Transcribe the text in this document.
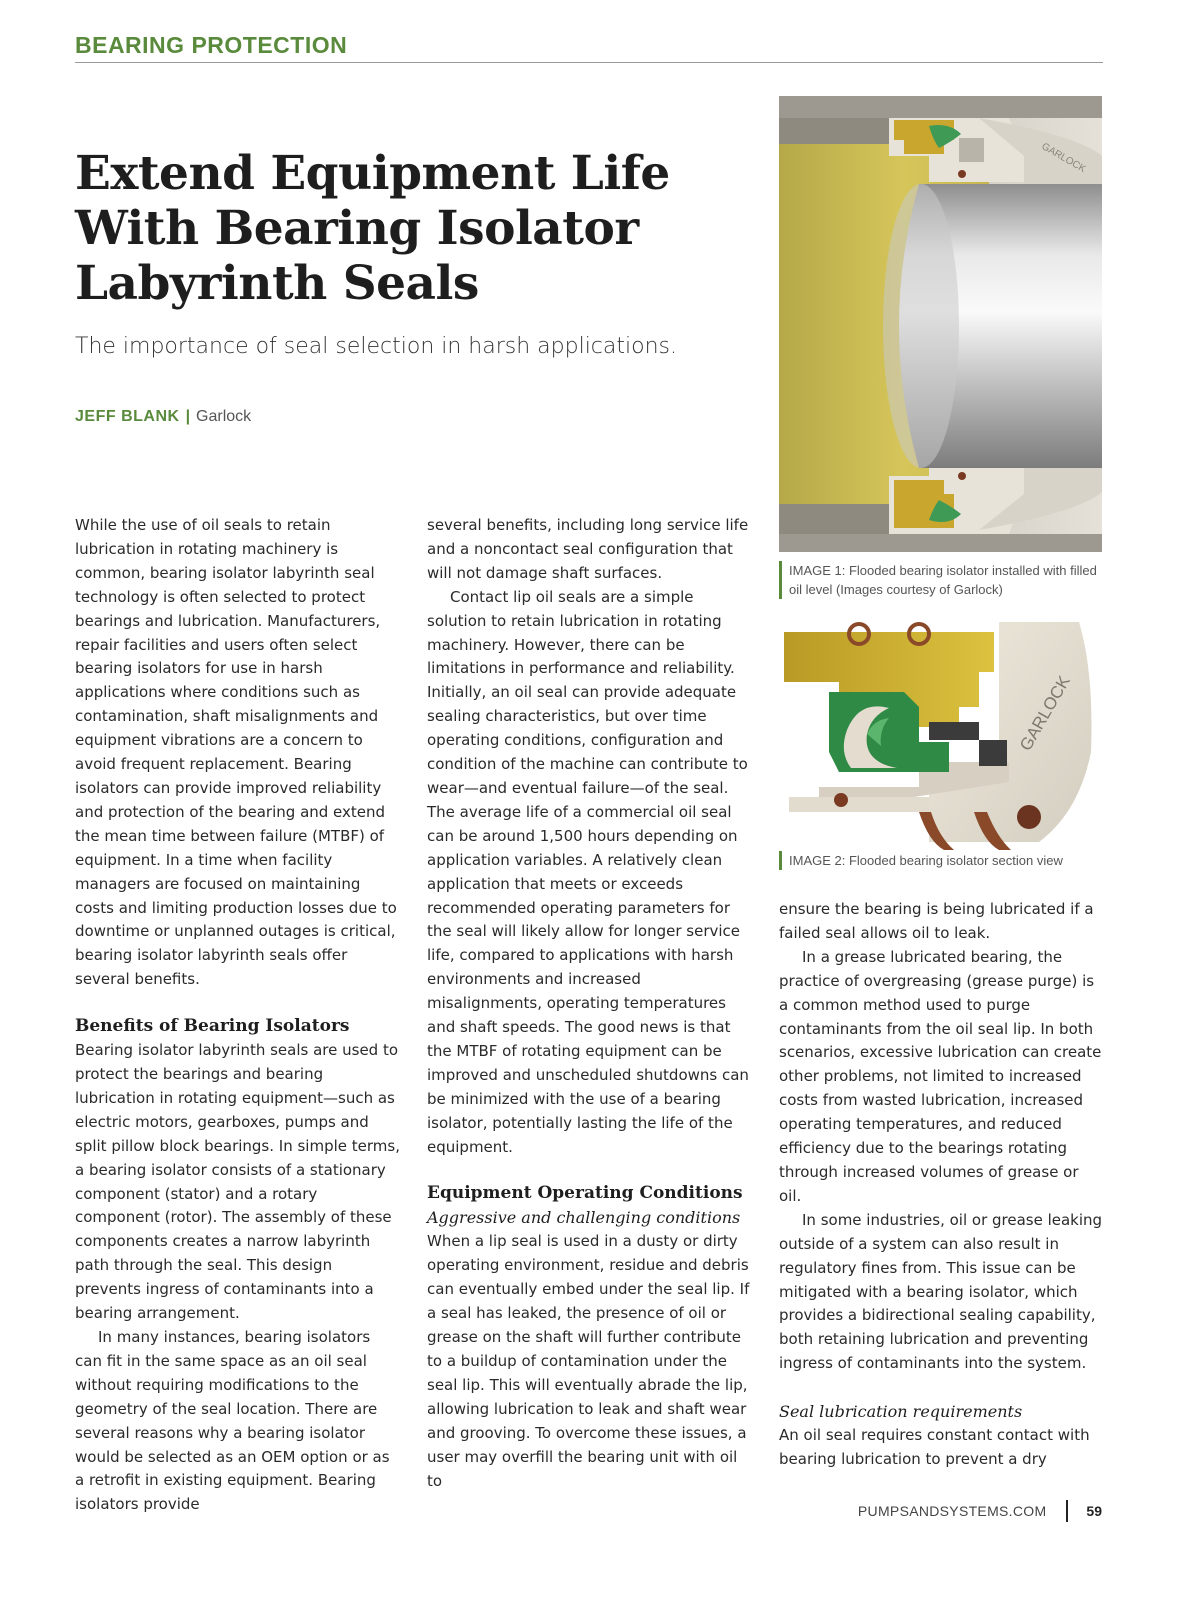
BEARING PROTECTION
Extend Equipment Life
With Bearing Isolator
Labyrinth Seals

The importance of seal selection in harsh applications.

JEFF BLANK | Garlock
GARLOCK
IMAGE 1: Flooded bearing isolator installed with filled oil level (Images courtesy of Garlock)
GARLOCK
IMAGE 2: Flooded bearing isolator section view

While the use of oil seals to retain lubrication in rotating machinery is common, bearing isolator labyrinth seal technology is often selected to protect bearings and lubrication. Manufacturers, repair facilities and users often select bearing isolators for use in harsh applications where conditions such as contamination, shaft misalignments and equipment vibrations are a concern to avoid frequent replacement. Bearing isolators can provide improved reliability and protection of the bearing and extend the mean time between failure (MTBF) of equipment. In a time when facility managers are focused on maintaining costs and limiting production losses due to downtime or unplanned outages is critical, bearing isolator labyrinth seals offer several benefits.

Benefits of Bearing Isolators

Bearing isolator labyrinth seals are used to protect the bearings and bearing lubrication in rotating equipment—such as electric motors, gearboxes, pumps and split pillow block bearings. In simple terms, a bearing isolator consists of a stationary component (stator) and a rotary component (rotor). The assembly of these components creates a narrow labyrinth path through the seal. This design prevents ingress of contaminants into a bearing arrangement.

In many instances, bearing isolators can fit in the same space as an oil seal without requiring modifications to the geometry of the seal location. There are several reasons why a bearing isolator would be selected as an OEM option or as a retrofit in existing equipment. Bearing isolators provide

several benefits, including long service life and a noncontact seal configuration that will not damage shaft surfaces.

Contact lip oil seals are a simple solution to retain lubrication in rotating machinery. However, there can be limitations in performance and reliability. Initially, an oil seal can provide adequate sealing characteristics, but over time operating conditions, configuration and condition of the machine can contribute to wear—and eventual failure—of the seal. The average life of a commercial oil seal can be around 1,500 hours depending on application variables. A relatively clean application that meets or exceeds recommended operating parameters for the seal will likely allow for longer service life, compared to applications with harsh environments and increased misalignments, operating temperatures and shaft speeds. The good news is that the MTBF of rotating equipment can be improved and unscheduled shutdowns can be minimized with the use of a bearing isolator, potentially lasting the life of the equipment.

Equipment Operating Conditions
Aggressive and challenging conditions

When a lip seal is used in a dusty or dirty operating environment, residue and debris can eventually embed under the seal lip. If a seal has leaked, the presence of oil or grease on the shaft will further contribute to a buildup of contamination under the seal lip. This will eventually abrade the lip, allowing lubrication to leak and shaft wear and grooving. To overcome these issues, a user may overfill the bearing unit with oil to

ensure the bearing is being lubricated if a failed seal allows oil to leak.

In a grease lubricated bearing, the practice of overgreasing (grease purge) is a common method used to purge contaminants from the oil seal lip. In both scenarios, excessive lubrication can create other problems, not limited to increased costs from wasted lubrication, increased operating temperatures, and reduced efficiency due to the bearings rotating through increased volumes of grease or oil.

In some industries, oil or grease leaking outside of a system can also result in regulatory fines from. This issue can be mitigated with a bearing isolator, which provides a bidirectional sealing capability, both retaining lubrication and preventing ingress of contaminants into the system.

Seal lubrication requirements

An oil seal requires constant contact with bearing lubrication to prevent a dry

PUMPSANDSYSTEMS.COM	59
